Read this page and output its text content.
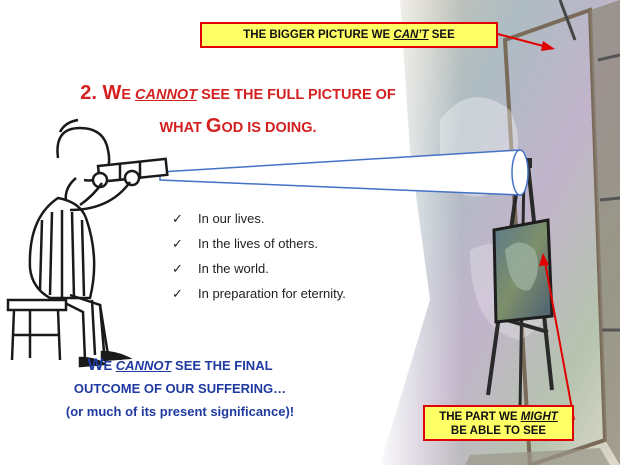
THE BIGGER PICTURE WE CAN’T SEE
2. WE CANNOT SEE THE FULL PICTURE OF
WHAT GOD IS DOING.
✓ In our lives.
✓ In the lives of others.
✓ In the world.
✓ In preparation for eternity.
WE CANNOT SEE THE FINAL
OUTCOME OF OUR SUFFERING…
(or much of its present significance)!	THE PART WE MIGHT
BE ABLE TO SEE
